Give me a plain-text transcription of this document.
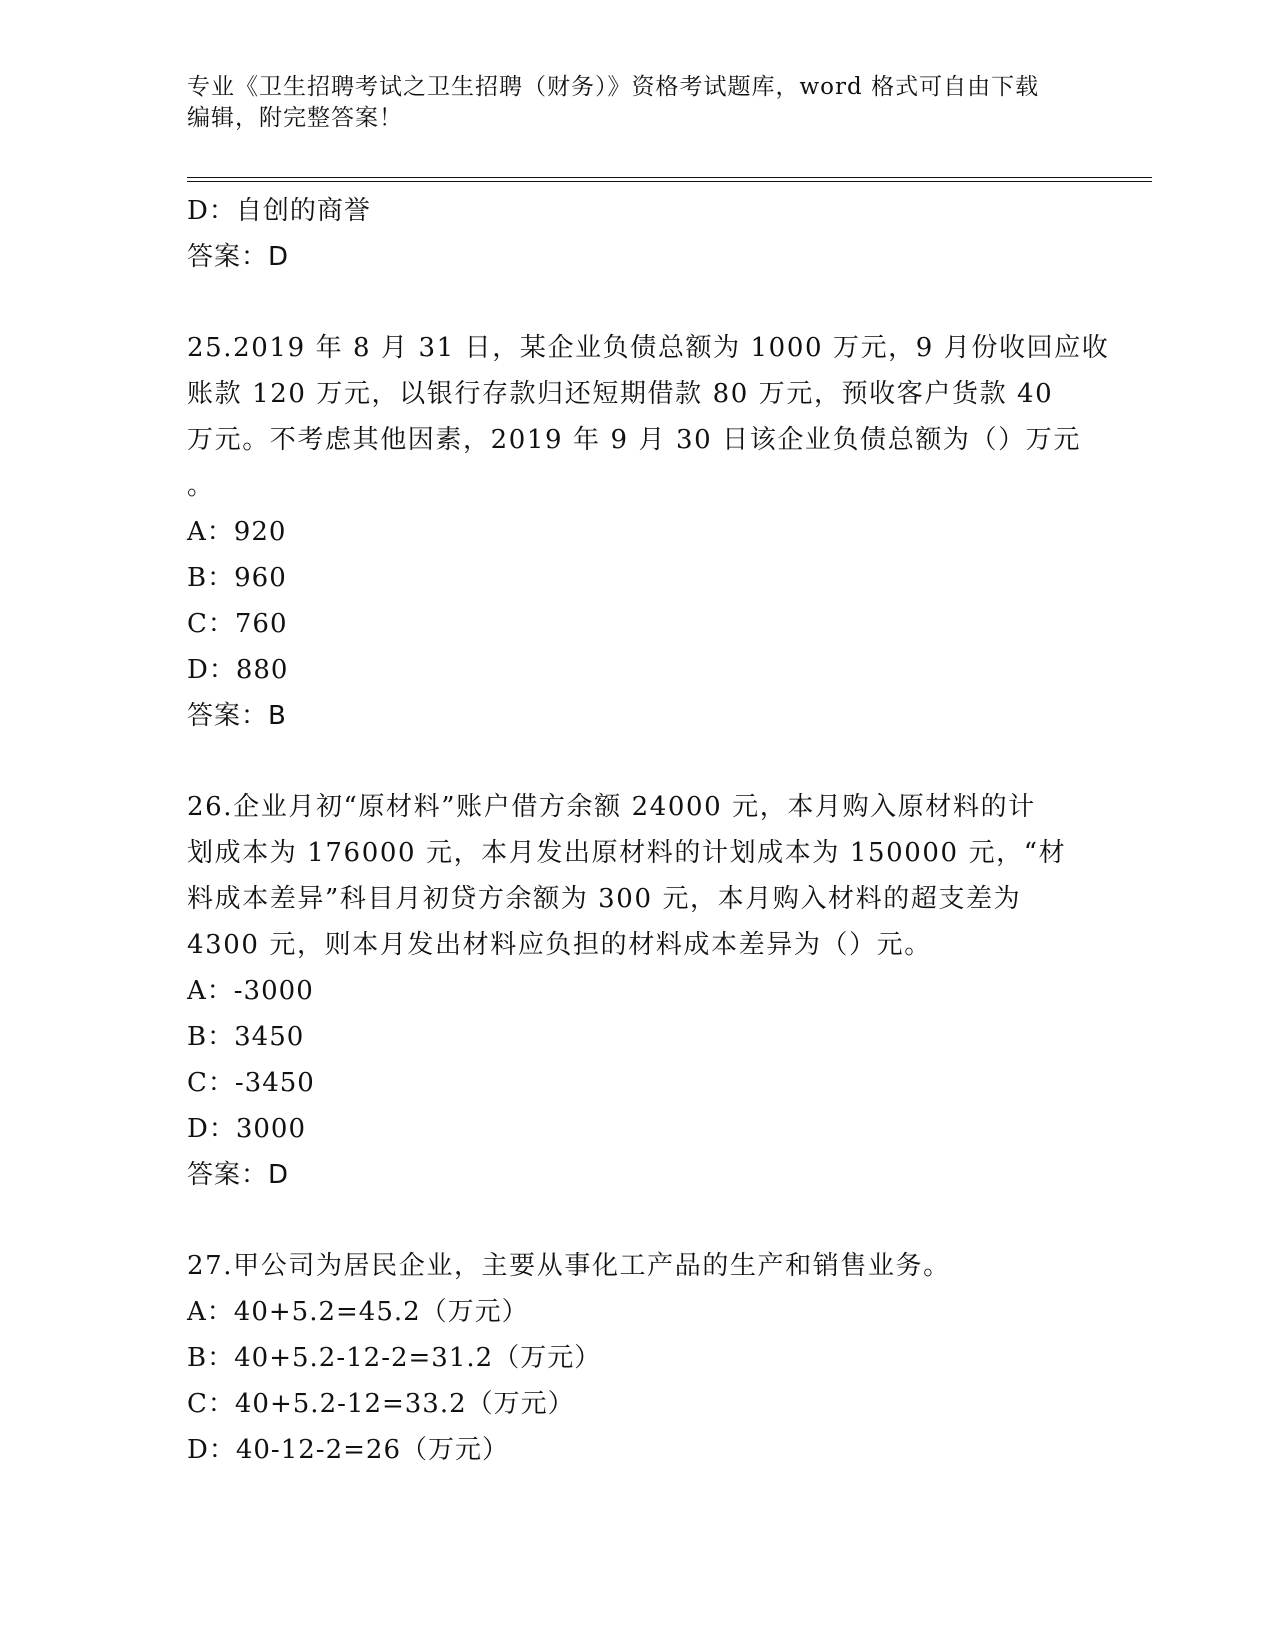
专业《卫生招聘考试之卫生招聘（财务）》资格考试题库，word 格式可自由下载
编辑，附完整答案！
D：自创的商誉
答案：D
25.2019 年 8 月 31 日，某企业负债总额为 1000 万元，9 月份收回应收
账款 120 万元，以银行存款归还短期借款 80 万元，预收客户货款 40
万元。不考虑其他因素，2019 年 9 月 30 日该企业负债总额为（）万元
。
A：920
B：960
C：760
D：880
答案：B
26.企业月初“原材料”账户借方余额 24000 元，本月购入原材料的计
划成本为 176000 元，本月发出原材料的计划成本为 150000 元，“材
料成本差异”科目月初贷方余额为 300 元，本月购入材料的超支差为
4300 元，则本月发出材料应负担的材料成本差异为（）元。
A：-3000
B：3450
C：-3450
D：3000
答案：D
27.甲公司为居民企业，主要从事化工产品的生产和销售业务。
A：40+5.2=45.2（万元）
B：40+5.2-12-2=31.2（万元）
C：40+5.2-12=33.2（万元）
D：40-12-2=26（万元）
